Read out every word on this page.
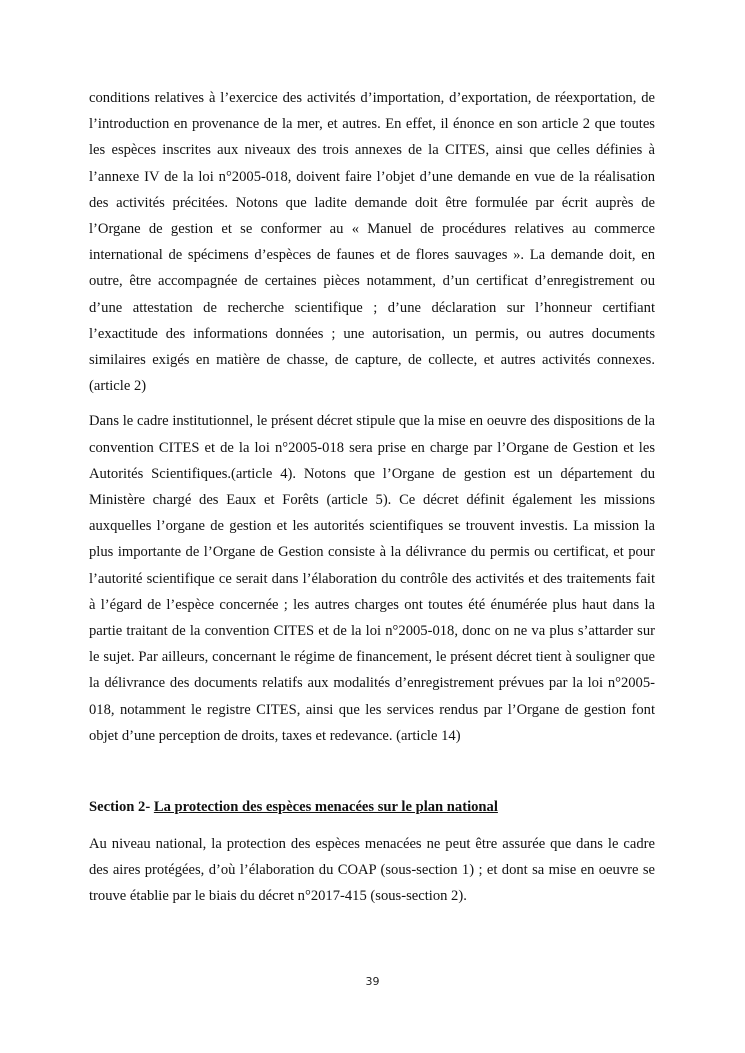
conditions relatives à l’exercice des activités d’importation, d’exportation, de réexportation, de l’introduction en provenance de la mer, et autres. En effet, il énonce en son article 2 que toutes les espèces inscrites aux niveaux des trois annexes de la CITES, ainsi que celles définies à l’annexe IV de la loi n°2005-018, doivent faire l’objet d’une demande en vue de la réalisation des activités précitées. Notons que ladite demande doit être formulée par écrit auprès de l’Organe de gestion et se conformer au « Manuel de procédures relatives au commerce international de spécimens d’espèces de faunes et de flores sauvages ». La demande doit, en outre, être accompagnée de certaines pièces notamment, d’un certificat d’enregistrement ou d’une attestation de recherche scientifique ; d’une déclaration sur l’honneur certifiant l’exactitude des informations données ; une autorisation, un permis, ou autres documents similaires exigés en matière de chasse, de capture, de collecte, et autres activités connexes. (article 2)

Dans le cadre institutionnel, le présent décret stipule que la mise en oeuvre des dispositions de la convention CITES et de la loi n°2005-018 sera prise en charge par l’Organe de Gestion et les Autorités Scientifiques.(article 4). Notons que l’Organe de gestion est un département du Ministère chargé des Eaux et Forêts (article 5). Ce décret définit également les missions auxquelles l’organe de gestion et les autorités scientifiques se trouvent investis. La mission la plus importante de l’Organe de Gestion consiste à la délivrance du permis ou certificat, et pour l’autorité scientifique ce serait dans l’élaboration du contrôle des activités et des traitements fait à l’égard de l’espèce concernée ; les autres charges ont toutes été énumérée plus haut dans la partie traitant de la convention CITES et de la loi n°2005-018, donc on ne va plus s’attarder sur le sujet. Par ailleurs, concernant le régime de financement, le présent décret tient à souligner que la délivrance des documents relatifs aux modalités d’enregistrement prévues par la loi n°2005-018, notamment le registre CITES, ainsi que les services rendus par l’Organe de gestion font objet d’une perception de droits, taxes et redevance. (article 14)

Section 2- La protection des espèces menacées sur le plan national

Au niveau national, la protection des espèces menacées ne peut être assurée que dans le cadre des aires protégées, d’où l’élaboration du COAP (sous-section 1) ; et dont sa mise en oeuvre se trouve établie par le biais du décret n°2017-415 (sous-section 2).

39
